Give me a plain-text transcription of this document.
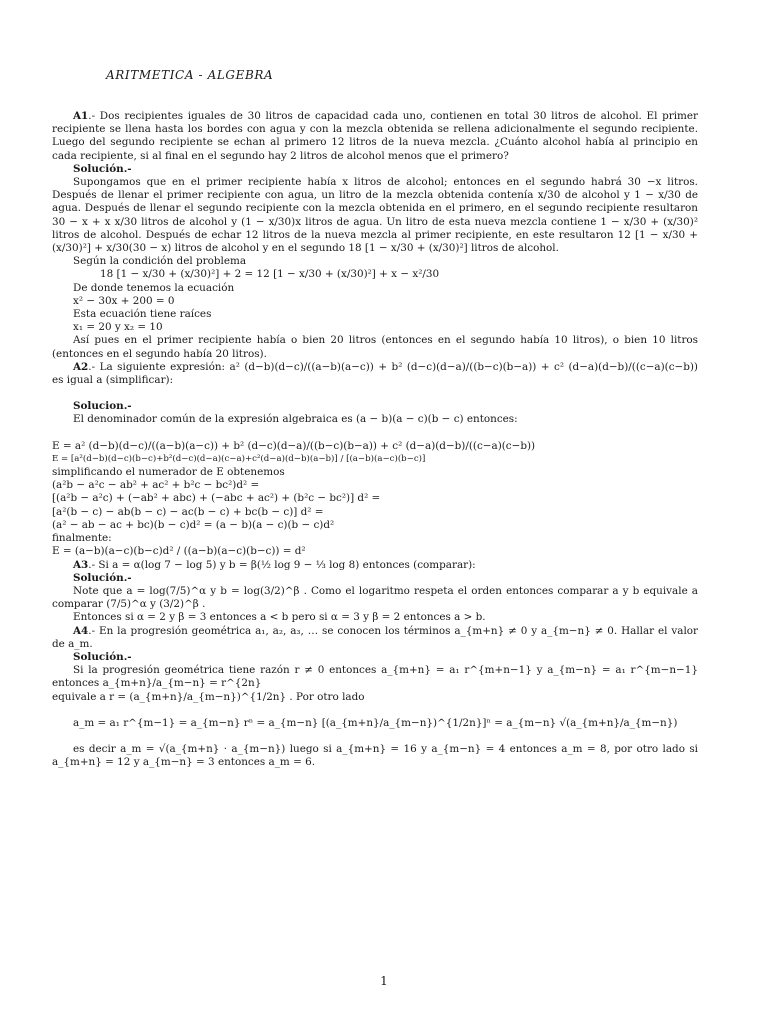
ARITMETICA - ALGEBRA

A1.- Dos recipientes iguales de 30 litros de capacidad cada uno, contienen en total 30 litros de alcohol. El primer recipiente se llena hasta los bordes con agua y con la mezcla obtenida se rellena adicionalmente el segundo recipiente. Luego del segundo recipiente se echan al primero 12 litros de la nueva mezcla. ¿Cuánto alcohol había al principio en cada recipiente, si al final en el segundo hay 2 litros de alcohol menos que el primero?

Solución.-

Supongamos que en el primer recipiente había x litros de alcohol; entonces en el segundo habrá 30 −x litros. Después de llenar el primer recipiente con agua, un litro de la mezcla obtenida contenía x/30 de alcohol y 1 − x/30 de agua. Después de llenar el segundo recipiente con la mezcla obtenida en el primero, en el segundo recipiente resultaron 30 − x + x x/30 litros de alcohol y (1 − x/30)x litros de agua. Un litro de esta nueva mezcla contiene 1 − x/30 + (x/30)² litros de alcohol. Después de echar 12 litros de la nueva mezcla al primer recipiente, en este resultaron 12 [1 − x/30 + (x/30)²] + x/30(30 − x) litros de alcohol y en el segundo 18 [1 − x/30 + (x/30)²] litros de alcohol.

Según la condición del problema

18 [1 − x/30 + (x/30)²] + 2 = 12 [1 − x/30 + (x/30)²] + x − x²/30

De donde tenemos la ecuación

x² − 30x + 200 = 0

Esta ecuación tiene raíces

x₁ = 20 y x₂ = 10

Así pues en el primer recipiente había o bien 20 litros (entonces en el segundo había 10 litros), o bien 10 litros (entonces en el segundo había 20 litros).

A2.- La siguiente expresión: a² (d−b)(d−c)/((a−b)(a−c)) + b² (d−c)(d−a)/((b−c)(b−a)) + c² (d−a)(d−b)/((c−a)(c−b)) es igual a (simplificar):

Solucion.-

El denominador común de la expresión algebraica es (a − b)(a − c)(b − c) entonces:

E = a² (d−b)(d−c)/((a−b)(a−c)) + b² (d−c)(d−a)/((b−c)(b−a)) + c² (d−a)(d−b)/((c−a)(c−b))

E = [a²(d−b)(d−c)(b−c)+b²(d−c)(d−a)(c−a)+c²(d−a)(d−b)(a−b)] / [(a−b)(a−c)(b−c)]

simplificando el numerador de E obtenemos

(a²b − a²c − ab² + ac² + b²c − bc²)d² =

[(a²b − a²c) + (−ab² + abc) + (−abc + ac²) + (b²c − bc²)] d² =

[a²(b − c) − ab(b − c) − ac(b − c) + bc(b − c)] d² =

(a² − ab − ac + bc)(b − c)d² = (a − b)(a − c)(b − c)d²

finalmente:

E = (a−b)(a−c)(b−c)d² / ((a−b)(a−c)(b−c)) = d²

A3.- Si a = α(log 7 − log 5) y b = β(½ log 9 − ⅓ log 8) entonces (comparar):

Solución.-

Note que a = log(7/5)^α y b = log(3/2)^β . Como el logaritmo respeta el orden entonces comparar a y b equivale a comparar (7/5)^α y (3/2)^β .

Entonces si α = 2 y β = 3 entonces a < b pero si α = 3 y β = 2 entonces a > b.

A4.- En la progresión geométrica a₁, a₂, a₃, … se conocen los términos a_{m+n} ≠ 0 y a_{m−n} ≠ 0. Hallar el valor de a_m.

Solución.-

Si la progresión geométrica tiene razón r ≠ 0 entonces a_{m+n} = a₁ r^{m+n−1} y a_{m−n} = a₁ r^{m−n−1} entonces a_{m+n}/a_{m−n} = r^{2n}

equivale a r = (a_{m+n}/a_{m−n})^{1/2n} . Por otro lado

a_m = a₁ r^{m−1} = a_{m−n} rⁿ = a_{m−n} [(a_{m+n}/a_{m−n})^{1/2n}]ⁿ = a_{m−n} √(a_{m+n}/a_{m−n})

es decir a_m = √(a_{m+n} · a_{m−n}) luego si a_{m+n} = 16 y a_{m−n} = 4 entonces a_m = 8, por otro lado si a_{m+n} = 12 y a_{m−n} = 3 entonces a_m = 6.

1
